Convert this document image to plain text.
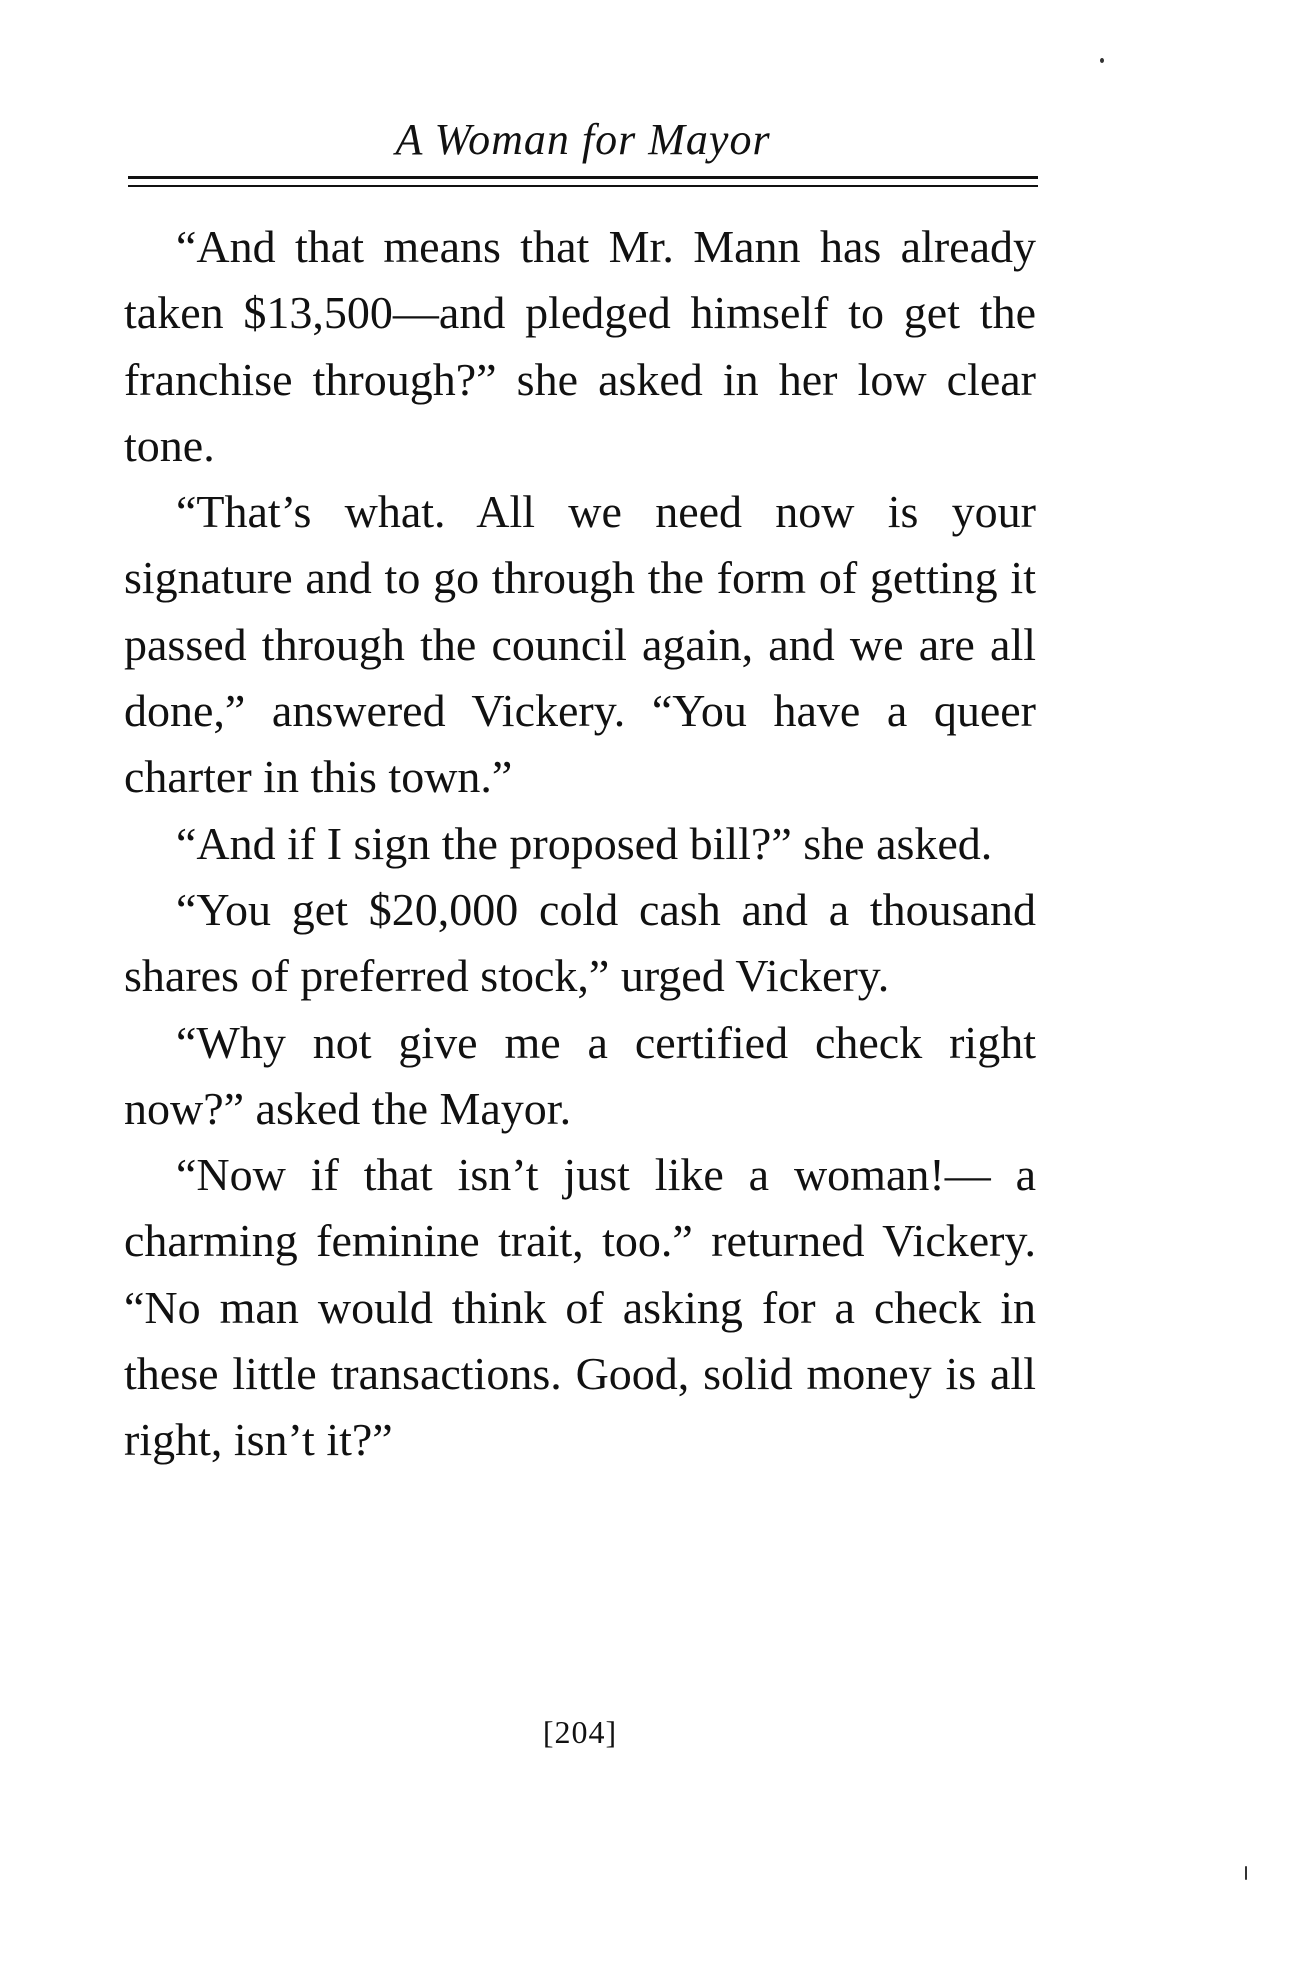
A Woman for Mayor

“And that means that Mr. Mann has already taken $13,500—and pledged himself to get the franchise through?” she asked in her low clear tone.

“That’s what. All we need now is your signature and to go through the form of getting it passed through the council again, and we are all done,” answered Vickery. “You have a queer charter in this town.”

“And if I sign the proposed bill?” she asked.

“You get $20,000 cold cash and a thousand shares of preferred stock,” urged Vickery.

“Why not give me a certified check right now?” asked the Mayor.

“Now if that isn’t just like a woman!— a charming feminine trait, too.” returned Vickery. “No man would think of asking for a check in these little transactions. Good, solid money is all right, isn’t it?”

[204]
